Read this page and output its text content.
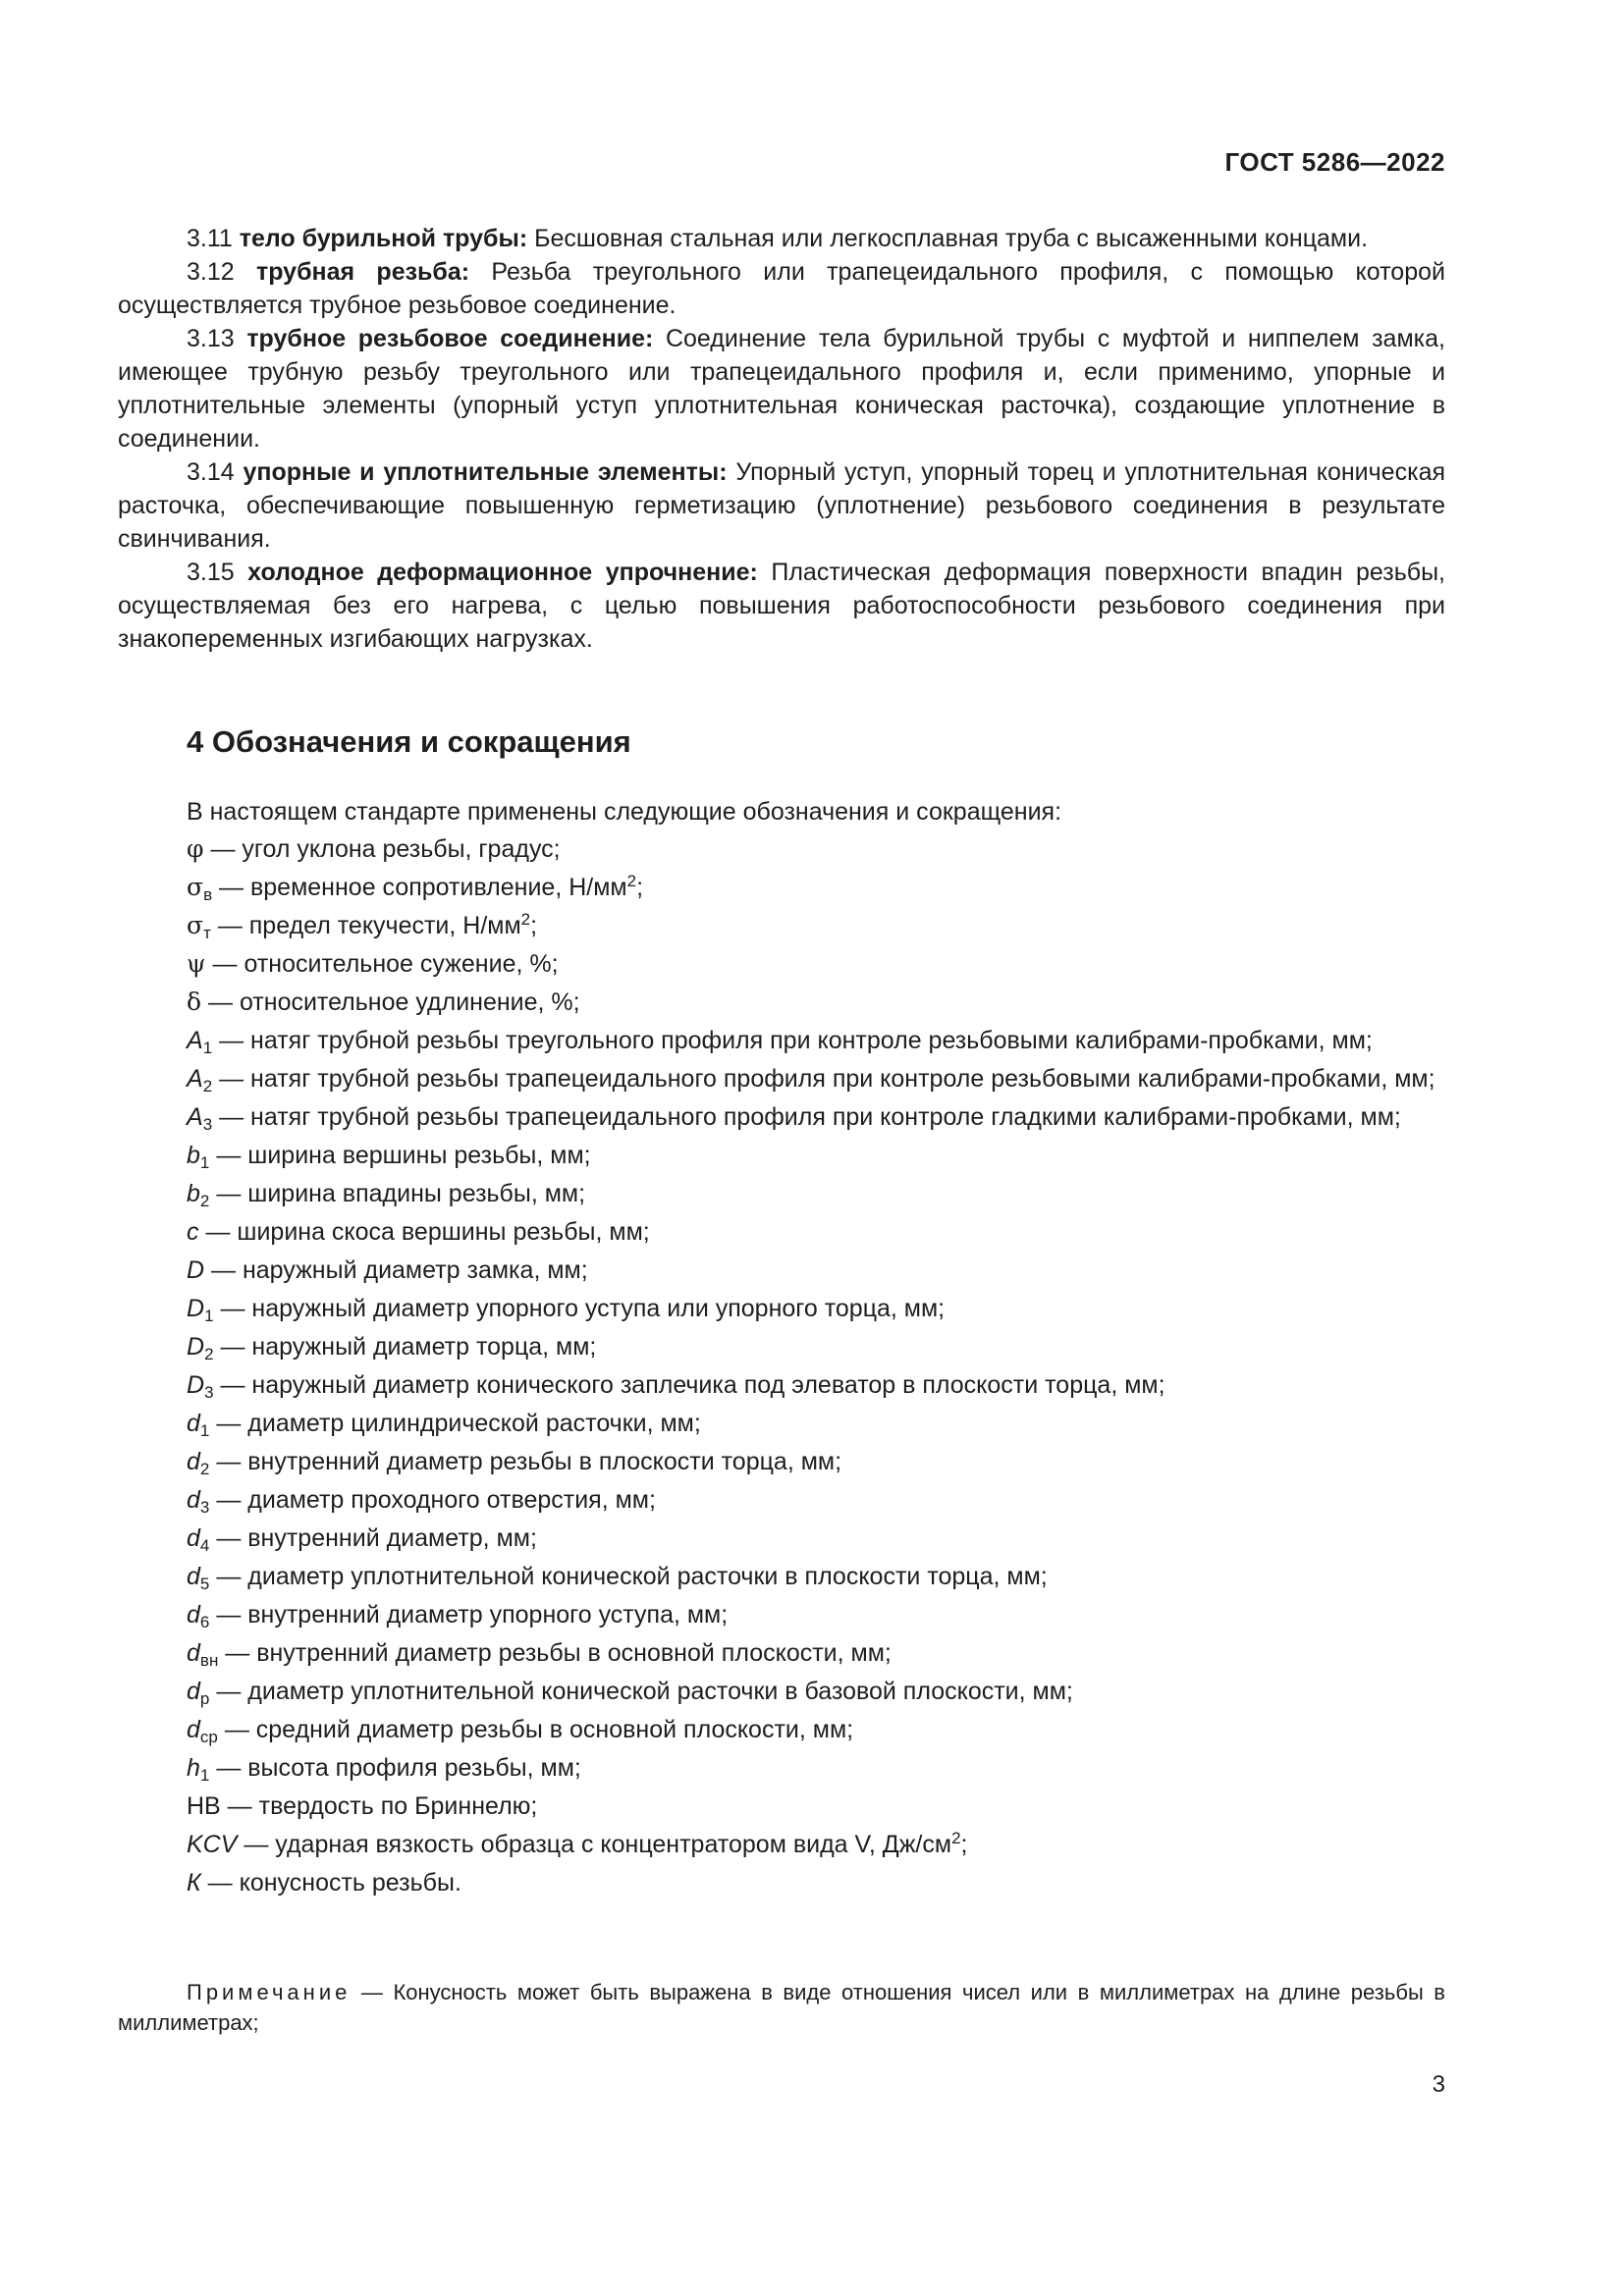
ГОСТ 5286—2022

3.11 тело бурильной трубы: Бесшовная стальная или легкосплавная труба с высаженными концами.

3.12 трубная резьба: Резьба треугольного или трапецеидального профиля, с помощью которой осуществляется трубное резьбовое соединение.

3.13 трубное резьбовое соединение: Соединение тела бурильной трубы с муфтой и ниппелем замка, имеющее трубную резьбу треугольного или трапецеидального профиля и, если применимо, упорные и уплотнительные элементы (упорный уступ уплотнительная коническая расточка), создающие уплотнение в соединении.

3.14 упорные и уплотнительные элементы: Упорный уступ, упорный торец и уплотнительная коническая расточка, обеспечивающие повышенную герметизацию (уплотнение) резьбового соединения в результате свинчивания.

3.15 холодное деформационное упрочнение: Пластическая деформация поверхности впадин резьбы, осуществляемая без его нагрева, с целью повышения работоспособности резьбового соединения при знакопеременных изгибающих нагрузках.

4 Обозначения и сокращения
В настоящем стандарте применены следующие обозначения и сокращения:
φ — угол уклона резьбы, градус;
$\sigma_в$ — временное сопротивление, $Н/мм^2$;
$\sigma_т$ — предел текучести, $Н/мм^2$;
ψ — относительное сужение, %;
δ — относительное удлинение, %;
$A_1$ — натяг трубной резьбы треугольного профиля при контроле резьбовыми калибрами-пробками, мм;
$A_2$ — натяг трубной резьбы трапецеидального профиля при контроле резьбовыми калибрами-пробками, мм;
$A_3$ — натяг трубной резьбы трапецеидального профиля при контроле гладкими калибрами-пробками, мм;
$b_1$ — ширина вершины резьбы, мм;
$b_2$ — ширина впадины резьбы, мм;
c — ширина скоса вершины резьбы, мм;
D — наружный диаметр замка, мм;
$D_1$ — наружный диаметр упорного уступа или упорного торца, мм;
$D_2$ — наружный диаметр торца, мм;
$D_3$ — наружный диаметр конического заплечика под элеватор в плоскости торца, мм;
$d_1$ — диаметр цилиндрической расточки, мм;
$d_2$ — внутренний диаметр резьбы в плоскости торца, мм;
$d_3$ — диаметр проходного отверстия, мм;
$d_4$ — внутренний диаметр, мм;
$d_5$ — диаметр уплотнительной конической расточки в плоскости торца, мм;
$d_6$ — внутренний диаметр упорного уступа, мм;
$d_{вн}$ — внутренний диаметр резьбы в основной плоскости, мм;
$d_р$ — диаметр уплотнительной конической расточки в базовой плоскости, мм;
$d_{ср}$ — средний диаметр резьбы в основной плоскости, мм;
$h_1$ — высота профиля резьбы, мм;
НВ — твердость по Бриннелю;
KCV — ударная вязкость образца с концентратором вида V, $Дж/см^2$;
К — конусность резьбы.
Примечание — Конусность может быть выражена в виде отношения чисел или в миллиметрах на длине резьбы в миллиметрах;
3
